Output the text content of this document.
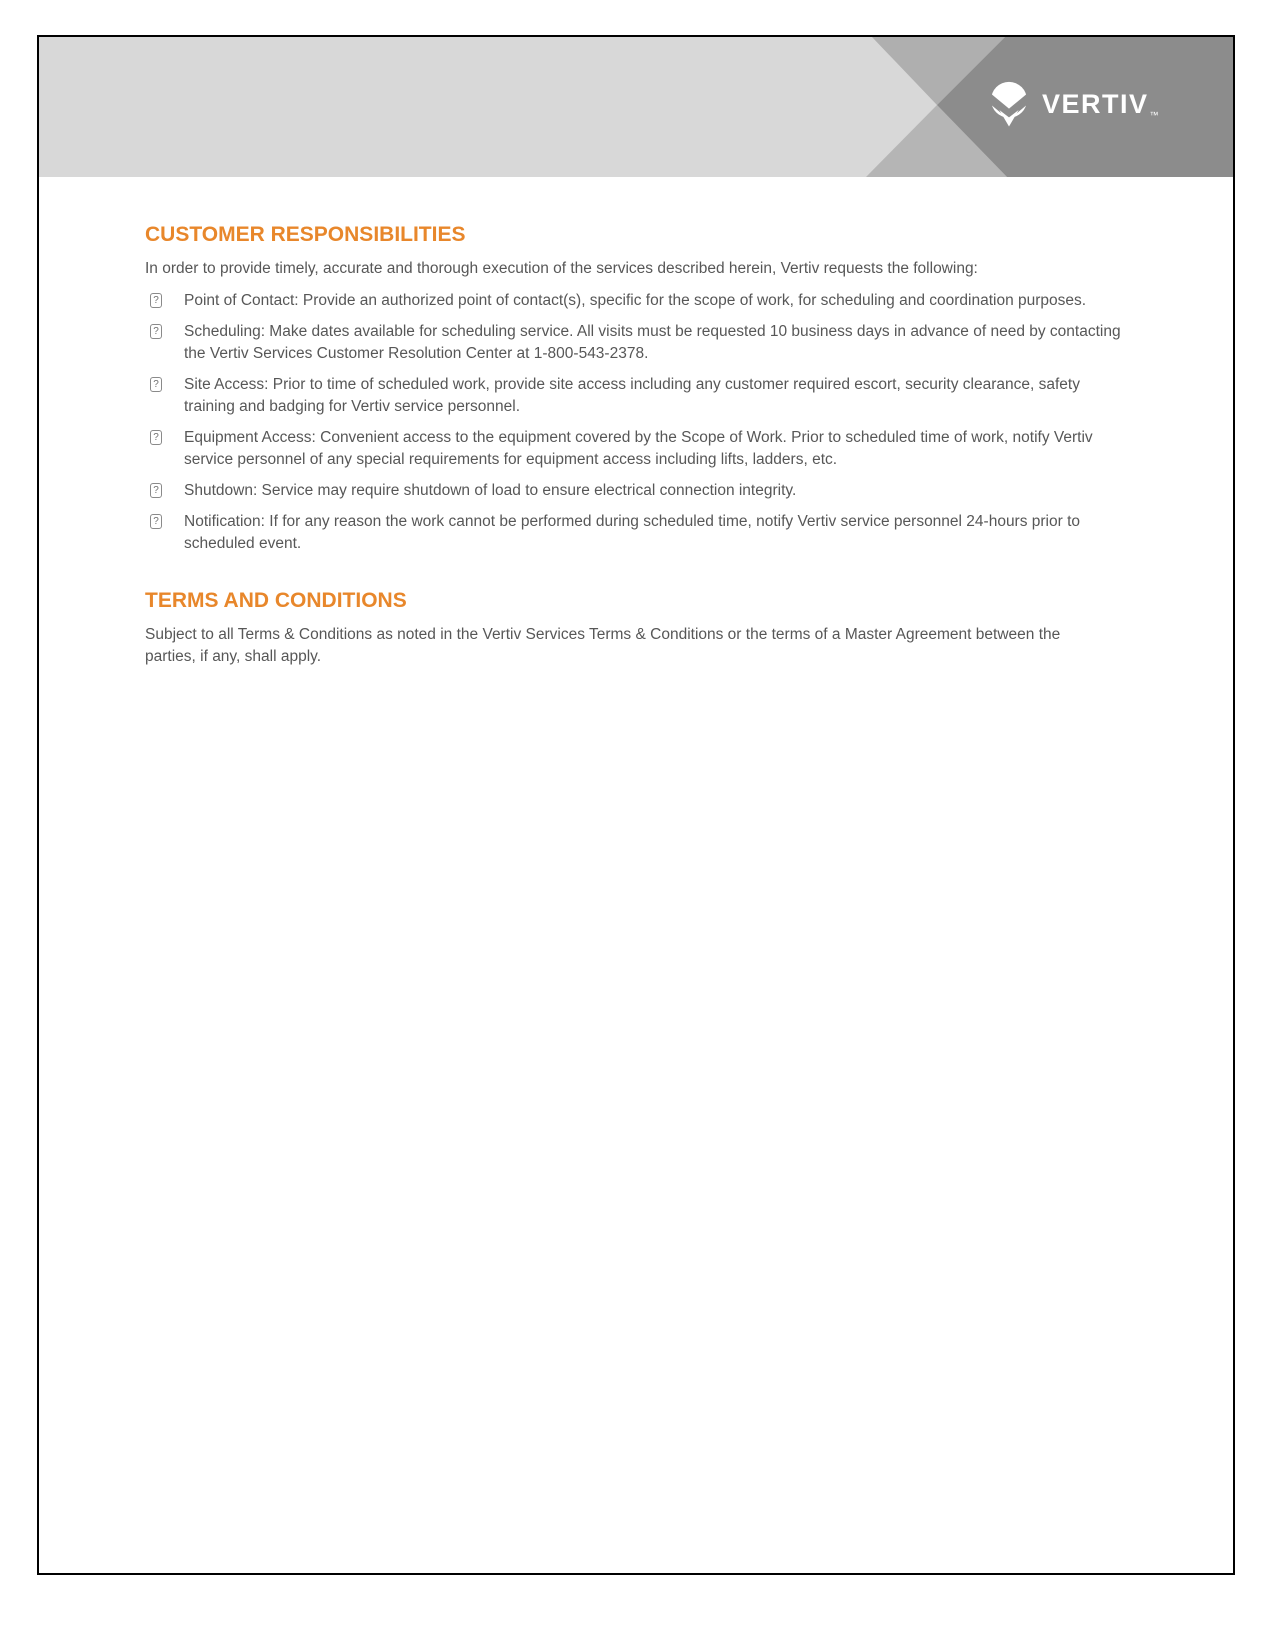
VERTIV ™
CUSTOMER RESPONSIBILITIES

In order to provide timely, accurate and thorough execution of the services described herein, Vertiv requests the following:

? Point of Contact: Provide an authorized point of contact(s), specific for the scope of work, for scheduling and coordination purposes.
? Scheduling: Make dates available for scheduling service. All visits must be requested 10 business days in advance of need by contacting the Vertiv Services Customer Resolution Center at 1-800-543-2378.
? Site Access: Prior to time of scheduled work, provide site access including any customer required escort, security clearance, safety training and badging for Vertiv service personnel.
? Equipment Access: Convenient access to the equipment covered by the Scope of Work. Prior to scheduled time of work, notify Vertiv service personnel of any special requirements for equipment access including lifts, ladders, etc.
? Shutdown: Service may require shutdown of load to ensure electrical connection integrity.
? Notification: If for any reason the work cannot be performed during scheduled time, notify Vertiv service personnel 24-hours prior to scheduled event.
TERMS AND CONDITIONS

Subject to all Terms & Conditions as noted in the Vertiv Services Terms & Conditions or the terms of a Master Agreement between the parties, if any, shall apply.
